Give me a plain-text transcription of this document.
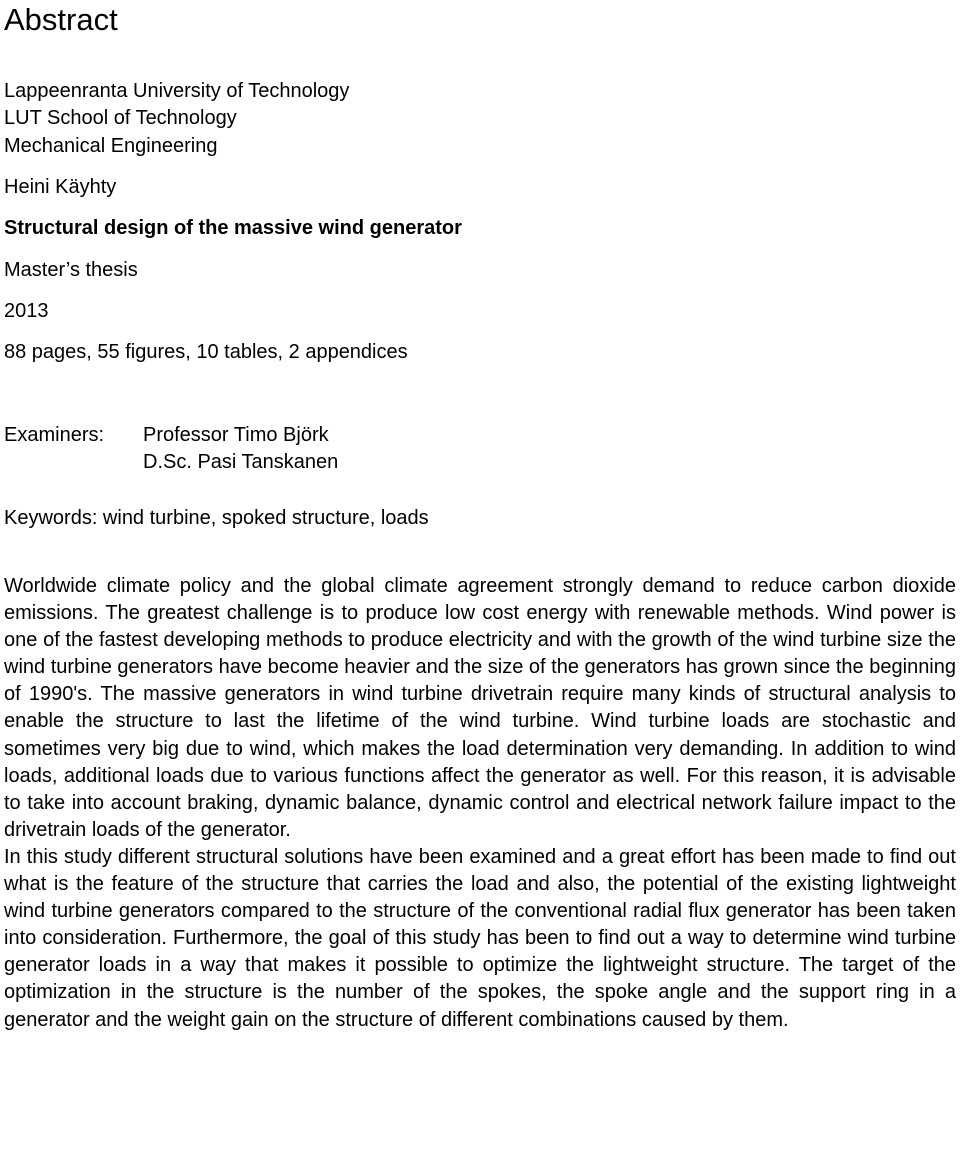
Abstract
Lappeenranta University of Technology
LUT School of Technology
Mechanical Engineering
Heini Käyhty
Structural design of the massive wind generator
Master’s thesis
2013
88 pages, 55 figures, 10 tables, 2 appendices
Examiners: Professor Timo Björk
D.Sc. Pasi Tanskanen
Keywords: wind turbine, spoked structure, loads

Worldwide climate policy and the global climate agreement strongly demand to reduce carbon dioxide emissions. The greatest challenge is to produce low cost energy with renewable methods. Wind power is one of the fastest developing methods to produce electricity and with the growth of the wind turbine size the wind turbine generators have become heavier and the size of the generators has grown since the beginning of 1990's. The massive generators in wind turbine drivetrain require many kinds of structural analysis to enable the structure to last the lifetime of the wind turbine. Wind turbine loads are stochastic and sometimes very big due to wind, which makes the load determination very demanding. In addition to wind loads, additional loads due to various functions affect the generator as well. For this reason, it is advisable to take into account braking, dynamic balance, dynamic control and electrical network failure impact to the drivetrain loads of the generator.

In this study different structural solutions have been examined and a great effort has been made to find out what is the feature of the structure that carries the load and also, the potential of the existing lightweight wind turbine generators compared to the structure of the conventional radial flux generator has been taken into consideration. Furthermore, the goal of this study has been to find out a way to determine wind turbine generator loads in a way that makes it possible to optimize the lightweight structure. The target of the optimization in the structure is the number of the spokes, the spoke angle and the support ring in a generator and the weight gain on the structure of different combinations caused by them.
